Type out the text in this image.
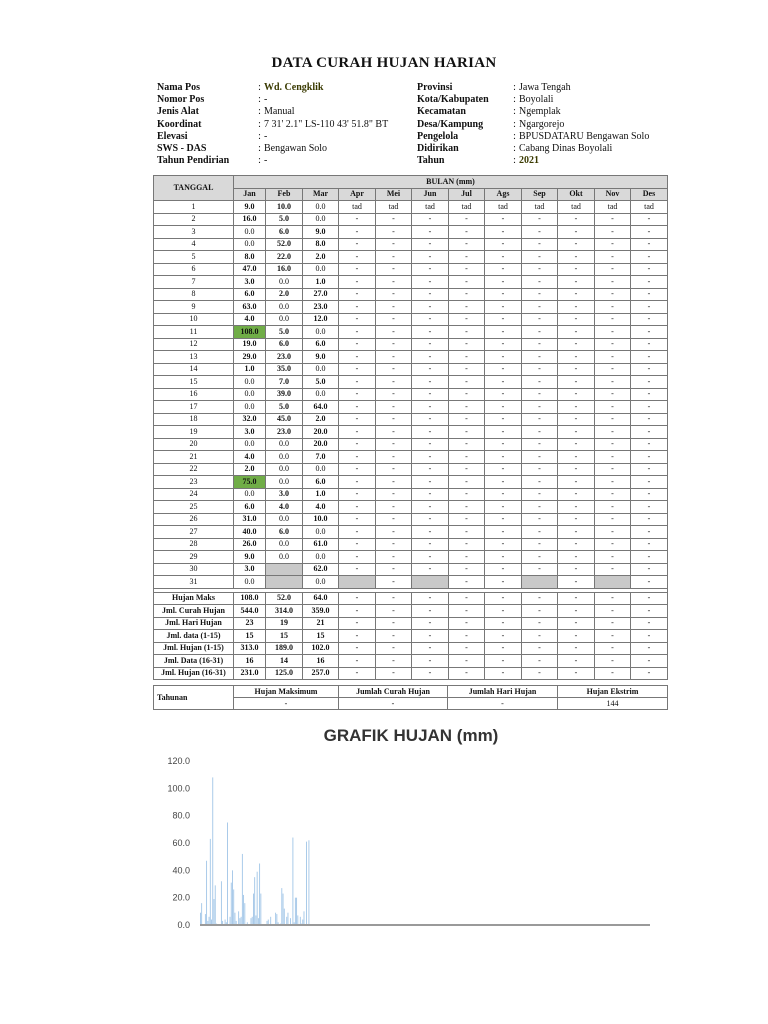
DATA CURAH HUJAN HARIAN
Nama Pos	: Wd. Cengklik
Nomor Pos	: -
Jenis Alat	: Manual
Koordinat	: 7 31' 2.1" LS-110 43' 51.8" BT
Elevasi	: -
SWS - DAS	: Bengawan Solo
Tahun Pendirian	: -
Provinsi	: Jawa Tengah
Kota/Kabupaten	: Boyolali
Kecamatan	: Ngemplak
Desa/Kampung	: Ngargorejo
Pengelola	: BPUSDATARU Bengawan Solo
Didirikan	: Cabang Dinas Boyolali
Tahun	: 2021
TANGGAL	BULAN (mm)											
	Jan	Feb	Mar	Apr	Mei	Jun	Jul	Ags	Sep	Okt	Nov	Des
1	9.0	10.0	0.0	tad	tad	tad	tad	tad	tad	tad	tad	tad
2	16.0	5.0	0.0	-	-	-	-	-	-	-	-	-
3	0.0	6.0	9.0	-	-	-	-	-	-	-	-	-
4	0.0	52.0	8.0	-	-	-	-	-	-	-	-	-
5	8.0	22.0	2.0	-	-	-	-	-	-	-	-	-
6	47.0	16.0	0.0	-	-	-	-	-	-	-	-	-
7	3.0	0.0	1.0	-	-	-	-	-	-	-	-	-
8	6.0	2.0	27.0	-	-	-	-	-	-	-	-	-
9	63.0	0.0	23.0	-	-	-	-	-	-	-	-	-
10	4.0	0.0	12.0	-	-	-	-	-	-	-	-	-
11	108.0	5.0	0.0	-	-	-	-	-	-	-	-	-
12	19.0	6.0	6.0	-	-	-	-	-	-	-	-	-
13	29.0	23.0	9.0	-	-	-	-	-	-	-	-	-
14	1.0	35.0	0.0	-	-	-	-	-	-	-	-	-
15	0.0	7.0	5.0	-	-	-	-	-	-	-	-	-
16	0.0	39.0	0.0	-	-	-	-	-	-	-	-	-
17	0.0	5.0	64.0	-	-	-	-	-	-	-	-	-
18	32.0	45.0	2.0	-	-	-	-	-	-	-	-	-
19	3.0	23.0	20.0	-	-	-	-	-	-	-	-	-
20	0.0	0.0	20.0	-	-	-	-	-	-	-	-	-
21	4.0	0.0	7.0	-	-	-	-	-	-	-	-	-
22	2.0	0.0	0.0	-	-	-	-	-	-	-	-	-
23	75.0	0.0	6.0	-	-	-	-	-	-	-	-	-
24	0.0	3.0	1.0	-	-	-	-	-	-	-	-	-
25	6.0	4.0	4.0	-	-	-	-	-	-	-	-	-
26	31.0	0.0	10.0	-	-	-	-	-	-	-	-	-
27	40.0	6.0	0.0	-	-	-	-	-	-	-	-	-
28	26.0	0.0	61.0	-	-	-	-	-	-	-	-	-
29	9.0	0.0	0.0	-	-	-	-	-	-	-	-	-
30	3.0		62.0	-	-	-	-	-	-	-	-	-
31	0.0		0.0		-		-	-		-		-

Hujan Maks	108.0	52.0	64.0	-	-	-	-	-	-	-	-	-
Jml. Curah Hujan	544.0	314.0	359.0	-	-	-	-	-	-	-	-	-
Jml. Hari Hujan	23	19	21	-	-	-	-	-	-	-	-	-
Jml. data (1-15)	15	15	15	-	-	-	-	-	-	-	-	-
Jml. Hujan (1-15)	313.0	189.0	102.0	-	-	-	-	-	-	-	-	-
Jml. Data (16-31)	16	14	16	-	-	-	-	-	-	-	-	-
Jml. Hujan (16-31)	231.0	125.0	257.0	-	-	-	-	-	-	-	-	-
Tahunan	Hujan Maksimum	Jumlah Curah Hujan	Jumlah Hari Hujan	Hujan Ekstrim
	-	-	-	144
GRAFIK HUJAN (mm)
0.0
20.0
40.0
60.0
80.0
100.0
120.0
